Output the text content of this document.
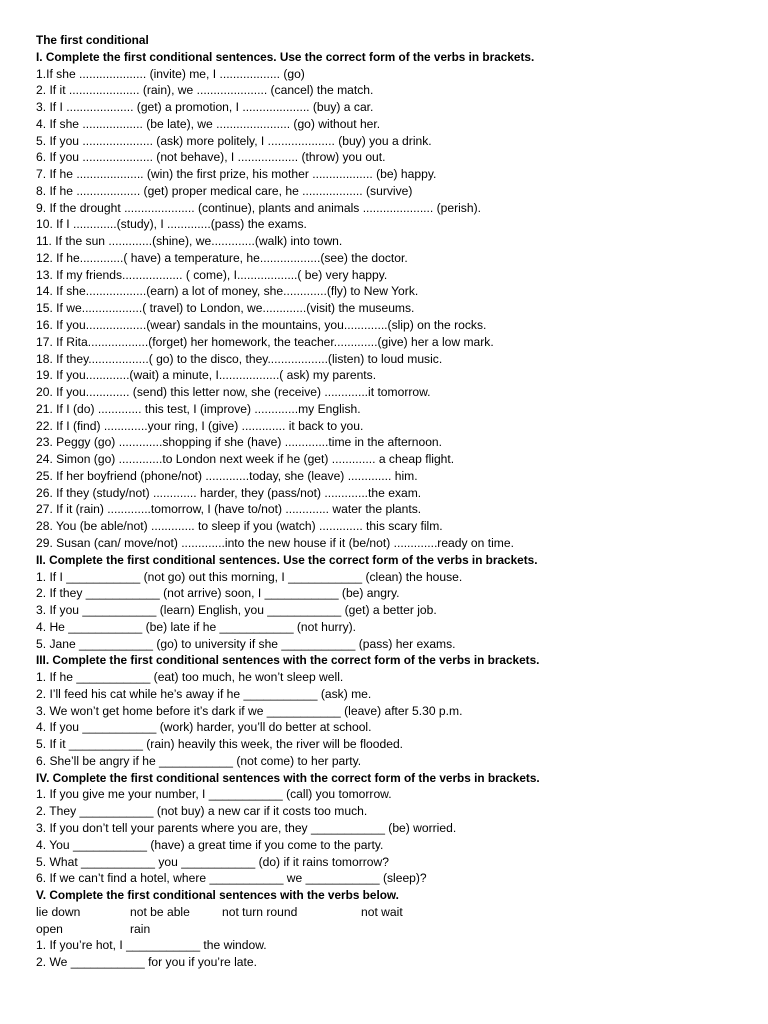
The first conditional
I. Complete the first conditional sentences. Use the correct form of the verbs in brackets.
1.If she .................... (invite) me, I .................. (go)
2. If it ..................... (rain), we ..................... (cancel) the match.
3. If I .................... (get) a promotion, I .................... (buy) a car.
4. If she .................. (be late), we ...................... (go) without her.
5. If you ..................... (ask) more politely, I .................... (buy) you a drink.
6. If you ..................... (not behave), I .................. (throw) you out.
7. If he .................... (win) the first prize, his mother .................. (be) happy.
8. If he ................... (get) proper medical care, he .................. (survive)
9. If the drought ..................... (continue), plants and animals ..................... (perish).
10. If I .............(study), I .............(pass) the exams.
11. If the sun .............(shine), we.............(walk) into town.
12. If he.............( have) a temperature, he..................(see) the doctor.
13. If my friends.................. ( come), I..................( be) very happy.
14. If she..................(earn) a lot of money, she.............(fly) to New York.
15. If we..................( travel) to London, we.............(visit) the museums.
16. If you..................(wear) sandals in the mountains, you.............(slip) on the rocks.
17. If Rita..................(forget) her homework, the teacher.............(give) her a low mark.
18. If they..................( go) to the disco, they..................(listen) to loud music.
19. If you.............(wait) a minute, I..................( ask) my parents.
20. If you............. (send) this letter now, she (receive) .............it tomorrow.
21. If I (do) ............. this test, I (improve) .............my English.
22. If I (find) .............your ring, I (give) ............. it back to you.
23. Peggy (go) .............shopping if she (have) .............time in the afternoon.
24. Simon (go) .............to London next week if he (get) ............. a cheap flight.
25. If her boyfriend (phone/not) .............today, she (leave) ............. him.
26. If they (study/not) ............. harder, they (pass/not) .............the exam.
27. If it (rain) .............tomorrow, I (have to/not) ............. water the plants.
28. You (be able/not) ............. to sleep if you (watch) ............. this scary film.
29. Susan (can/ move/not) .............into the new house if it (be/not) .............ready on time.
II. Complete the first conditional sentences. Use the correct form of the verbs in brackets.
1. If I ___________ (not go) out this morning, I ___________ (clean) the house.
2. If they ___________ (not arrive) soon, I ___________ (be) angry.
3. If you ___________ (learn) English, you ___________ (get) a better job.
4. He ___________ (be) late if he ___________ (not hurry).
5. Jane ___________ (go) to university if she ___________ (pass) her exams.
III. Complete the first conditional sentences with the correct form of the verbs in brackets.
1. If he ___________ (eat) too much, he won’t sleep well.
2. I’ll feed his cat while he’s away if he ___________ (ask) me.
3. We won’t get home before it’s dark if we ___________ (leave) after 5.30 p.m.
4. If you ___________ (work) harder, you’ll do better at school.
5. If it ___________ (rain) heavily this week, the river will be flooded.
6. She’ll be angry if he ___________ (not come) to her party.
IV. Complete the first conditional sentences with the correct form of the verbs in brackets.
1. If you give me your number, I ___________ (call) you tomorrow.
2. They ___________ (not buy) a new car if it costs too much.
3. If you don’t tell your parents where you are, they ___________ (be) worried.
4. You ___________ (have) a great time if you come to the party.
5. What ___________ you ___________ (do) if it rains tomorrow?
6. If we can’t find a hotel, where ___________ we ___________ (sleep)?
V. Complete the first conditional sentences with the verbs below.
lie down	not be able	not turn round	not wait
open	rain
1. If you’re hot, I ___________ the window.
2. We ___________ for you if you’re late.
